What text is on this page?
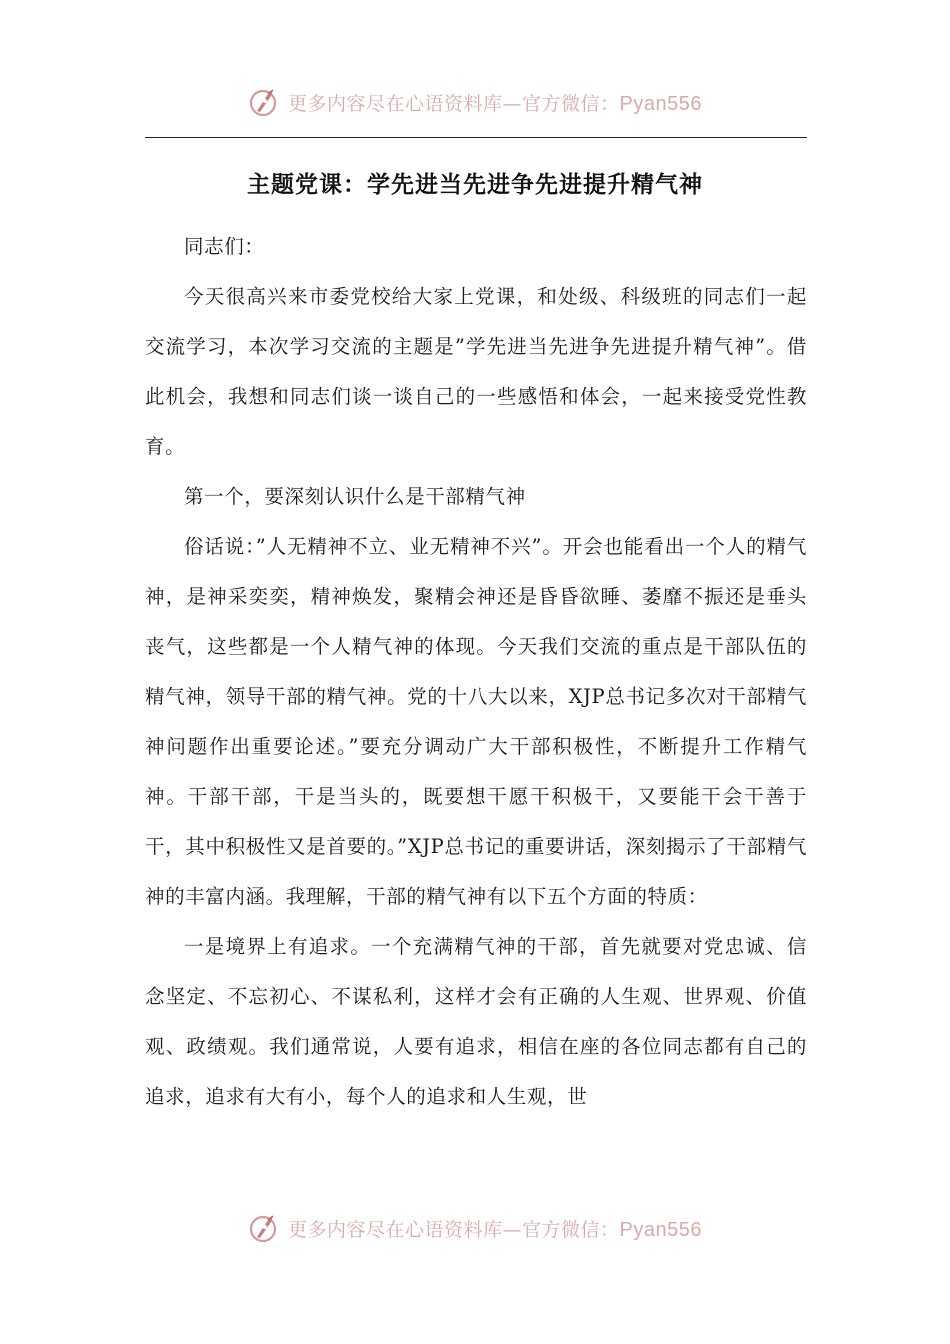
更多内容尽在心语资料库—官方微信：Pyan556
主题党课：学先进当先进争先进提升精气神

同志们：

今天很高兴来市委党校给大家上党课，和处级、科级班的同志们一起交流学习，本次学习交流的主题是”学先进当先进争先进提升精气神”。借此机会，我想和同志们谈一谈自己的一些感悟和体会，一起来接受党性教育。

第一个，要深刻认识什么是干部精气神

俗话说：”人无精神不立、业无精神不兴”。开会也能看出一个人的精气神，是神采奕奕，精神焕发，聚精会神还是昏昏欲睡、萎靡不振还是垂头丧气，这些都是一个人精气神的体现。今天我们交流的重点是干部队伍的精气神，领导干部的精气神。党的十八大以来，XJP总书记多次对干部精气神问题作出重要论述。”要充分调动广大干部积极性，不断提升工作精气神。干部干部，干是当头的，既要想干愿干积极干，又要能干会干善于干，其中积极性又是首要的。”XJP总书记的重要讲话，深刻揭示了干部精气神的丰富内涵。我理解，干部的精气神有以下五个方面的特质：

一是境界上有追求。一个充满精气神的干部，首先就要对党忠诚、信念坚定、不忘初心、不谋私利，这样才会有正确的人生观、世界观、价值观、政绩观。我们通常说，人要有追求，相信在座的各位同志都有自己的追求，追求有大有小，每个人的追求和人生观，世

更多内容尽在心语资料库—官方微信：Pyan556
